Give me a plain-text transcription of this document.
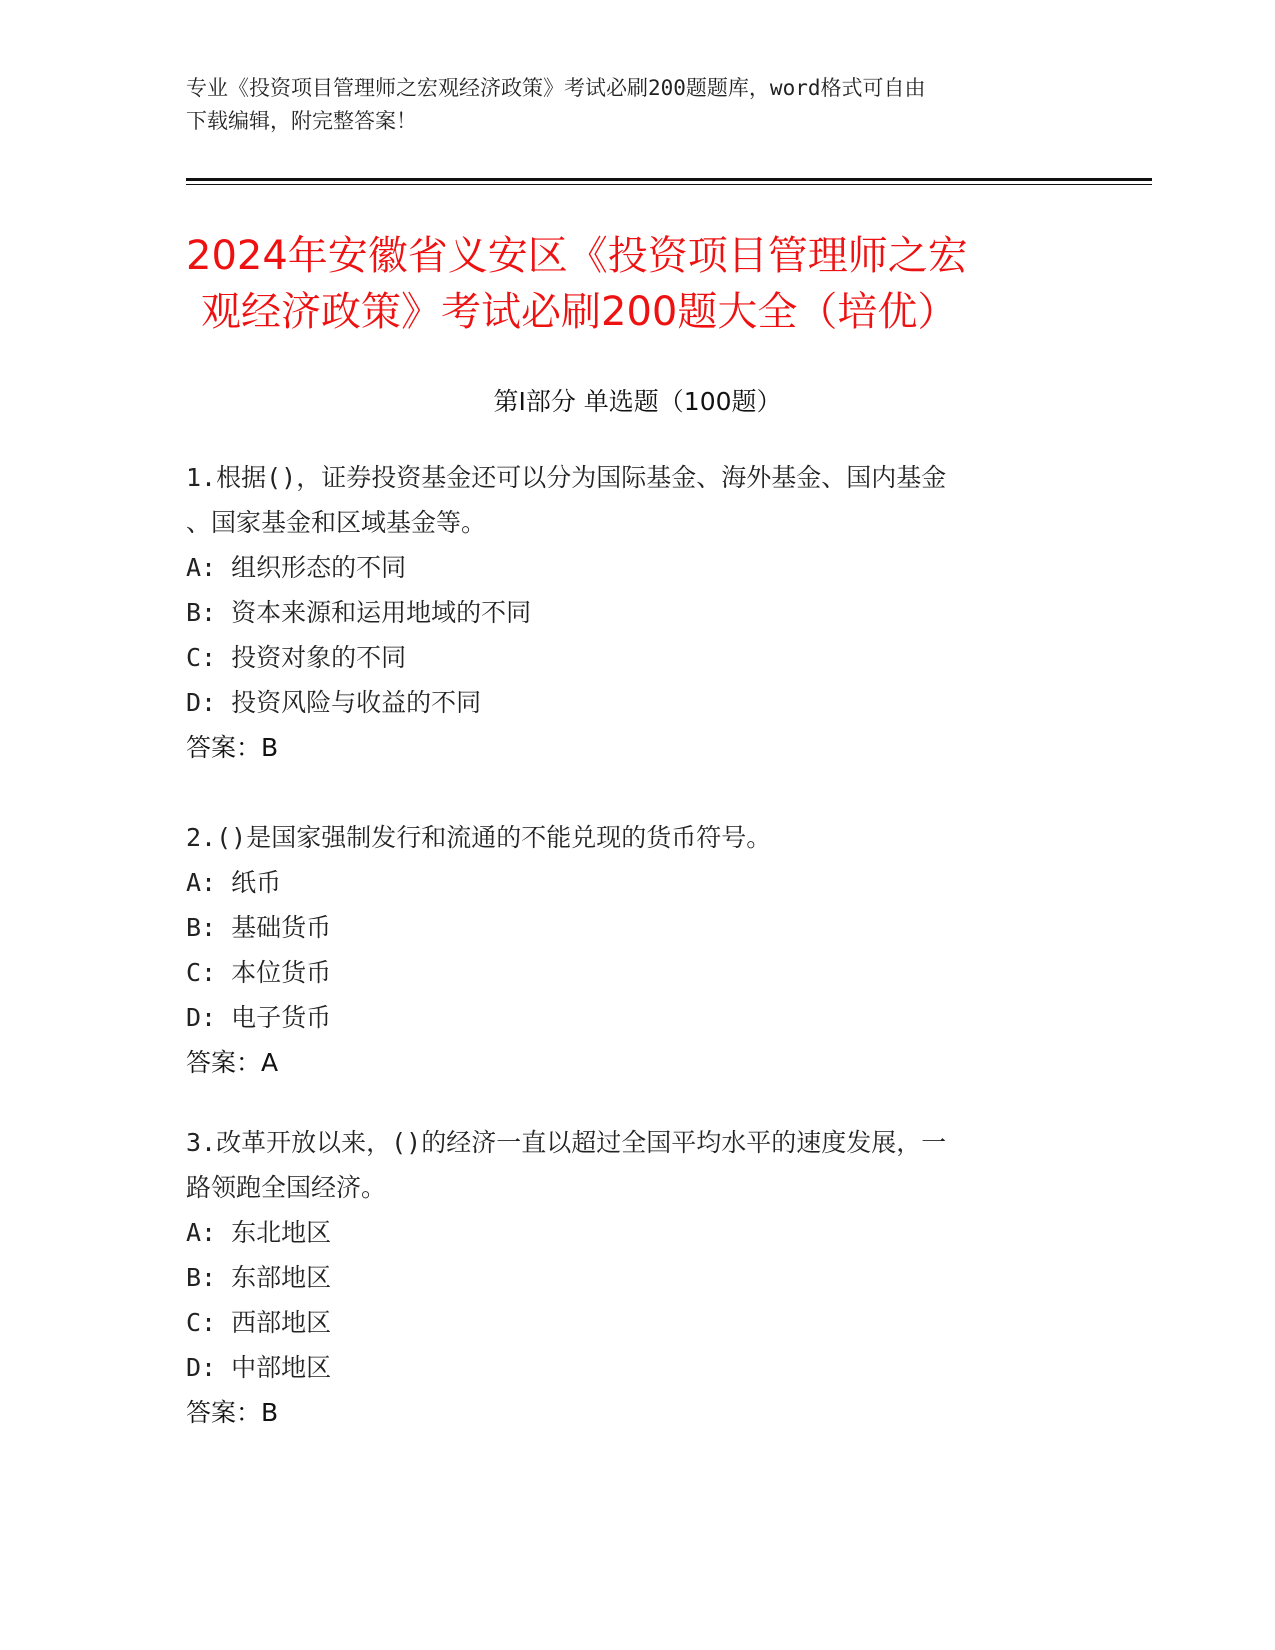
专业《投资项目管理师之宏观经济政策》考试必刷200题题库，word格式可自由
下载编辑，附完整答案！
2024年安徽省义安区《投资项目管理师之宏
观经济政策》考试必刷200题大全（培优）
第Ⅰ部分 单选题（100题）

1.根据()，证券投资基金还可以分为国际基金、海外基金、国内基金

、国家基金和区域基金等。

A: 组织形态的不同

B: 资本来源和运用地域的不同

C: 投资对象的不同

D: 投资风险与收益的不同

答案：B

2.()是国家强制发行和流通的不能兑现的货币符号。

A: 纸币

B: 基础货币

C: 本位货币

D: 电子货币

答案：A

3.改革开放以来，()的经济一直以超过全国平均水平的速度发展，一

路领跑全国经济。

A: 东北地区

B: 东部地区

C: 西部地区

D: 中部地区

答案：B
